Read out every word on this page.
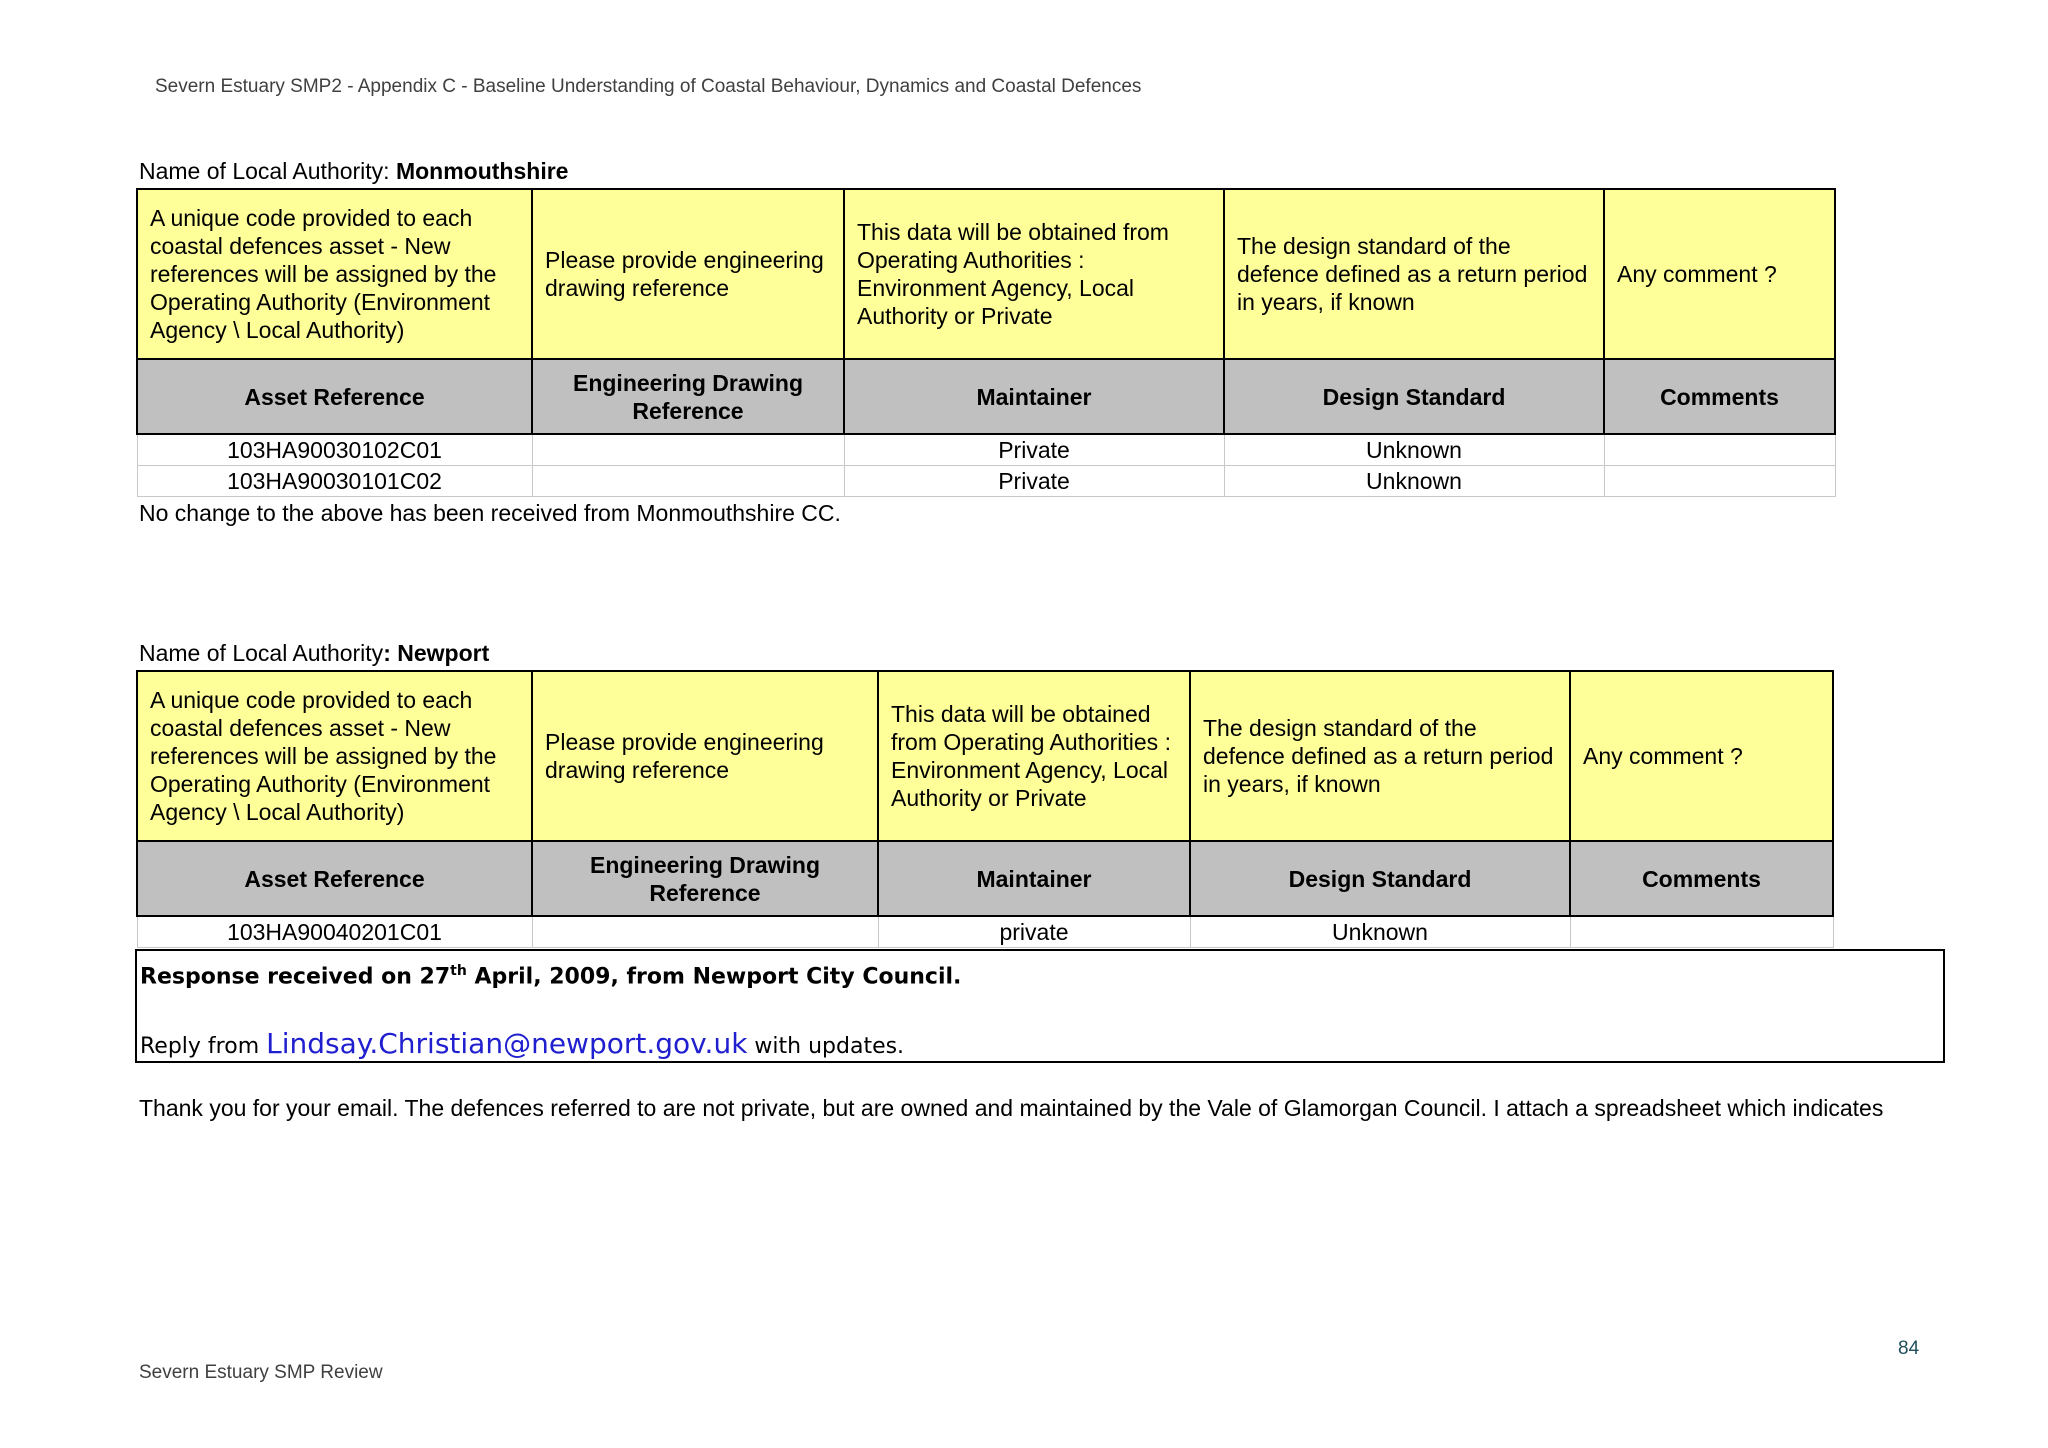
Severn Estuary SMP2 - Appendix C - Baseline Understanding of Coastal Behaviour, Dynamics and Coastal Defences
Name of Local Authority: Monmouthshire
A unique code provided to each coastal defences asset - New references will be assigned by the Operating Authority (Environment Agency \ Local Authority)	Please provide engineering drawing reference	This data will be obtained from Operating Authorities : Environment Agency, Local Authority or Private	The design standard of the defence defined as a return period in years, if known	Any comment ?
Asset Reference	Engineering Drawing Reference	Maintainer	Design Standard	Comments
103HA90030102C01		Private	Unknown	
103HA90030101C02		Private	Unknown	
No change to the above has been received from Monmouthshire CC.
Name of Local Authority: Newport
A unique code provided to each coastal defences asset - New references will be assigned by the Operating Authority (Environment Agency \ Local Authority)	Please provide engineering drawing reference	This data will be obtained from Operating Authorities : Environment Agency, Local Authority or Private	The design standard of the defence defined as a return period in years, if known	Any comment ?
Asset Reference	Engineering Drawing Reference	Maintainer	Design Standard	Comments
103HA90040201C01		private	Unknown	
Response received on 27th April, 2009, from Newport City Council.
Reply from Lindsay.Christian@newport.gov.uk with updates.
Thank you for your email. The defences referred to are not private, but are owned and maintained by the Vale of Glamorgan Council. I attach a spreadsheet which indicates
84
Severn Estuary SMP Review
